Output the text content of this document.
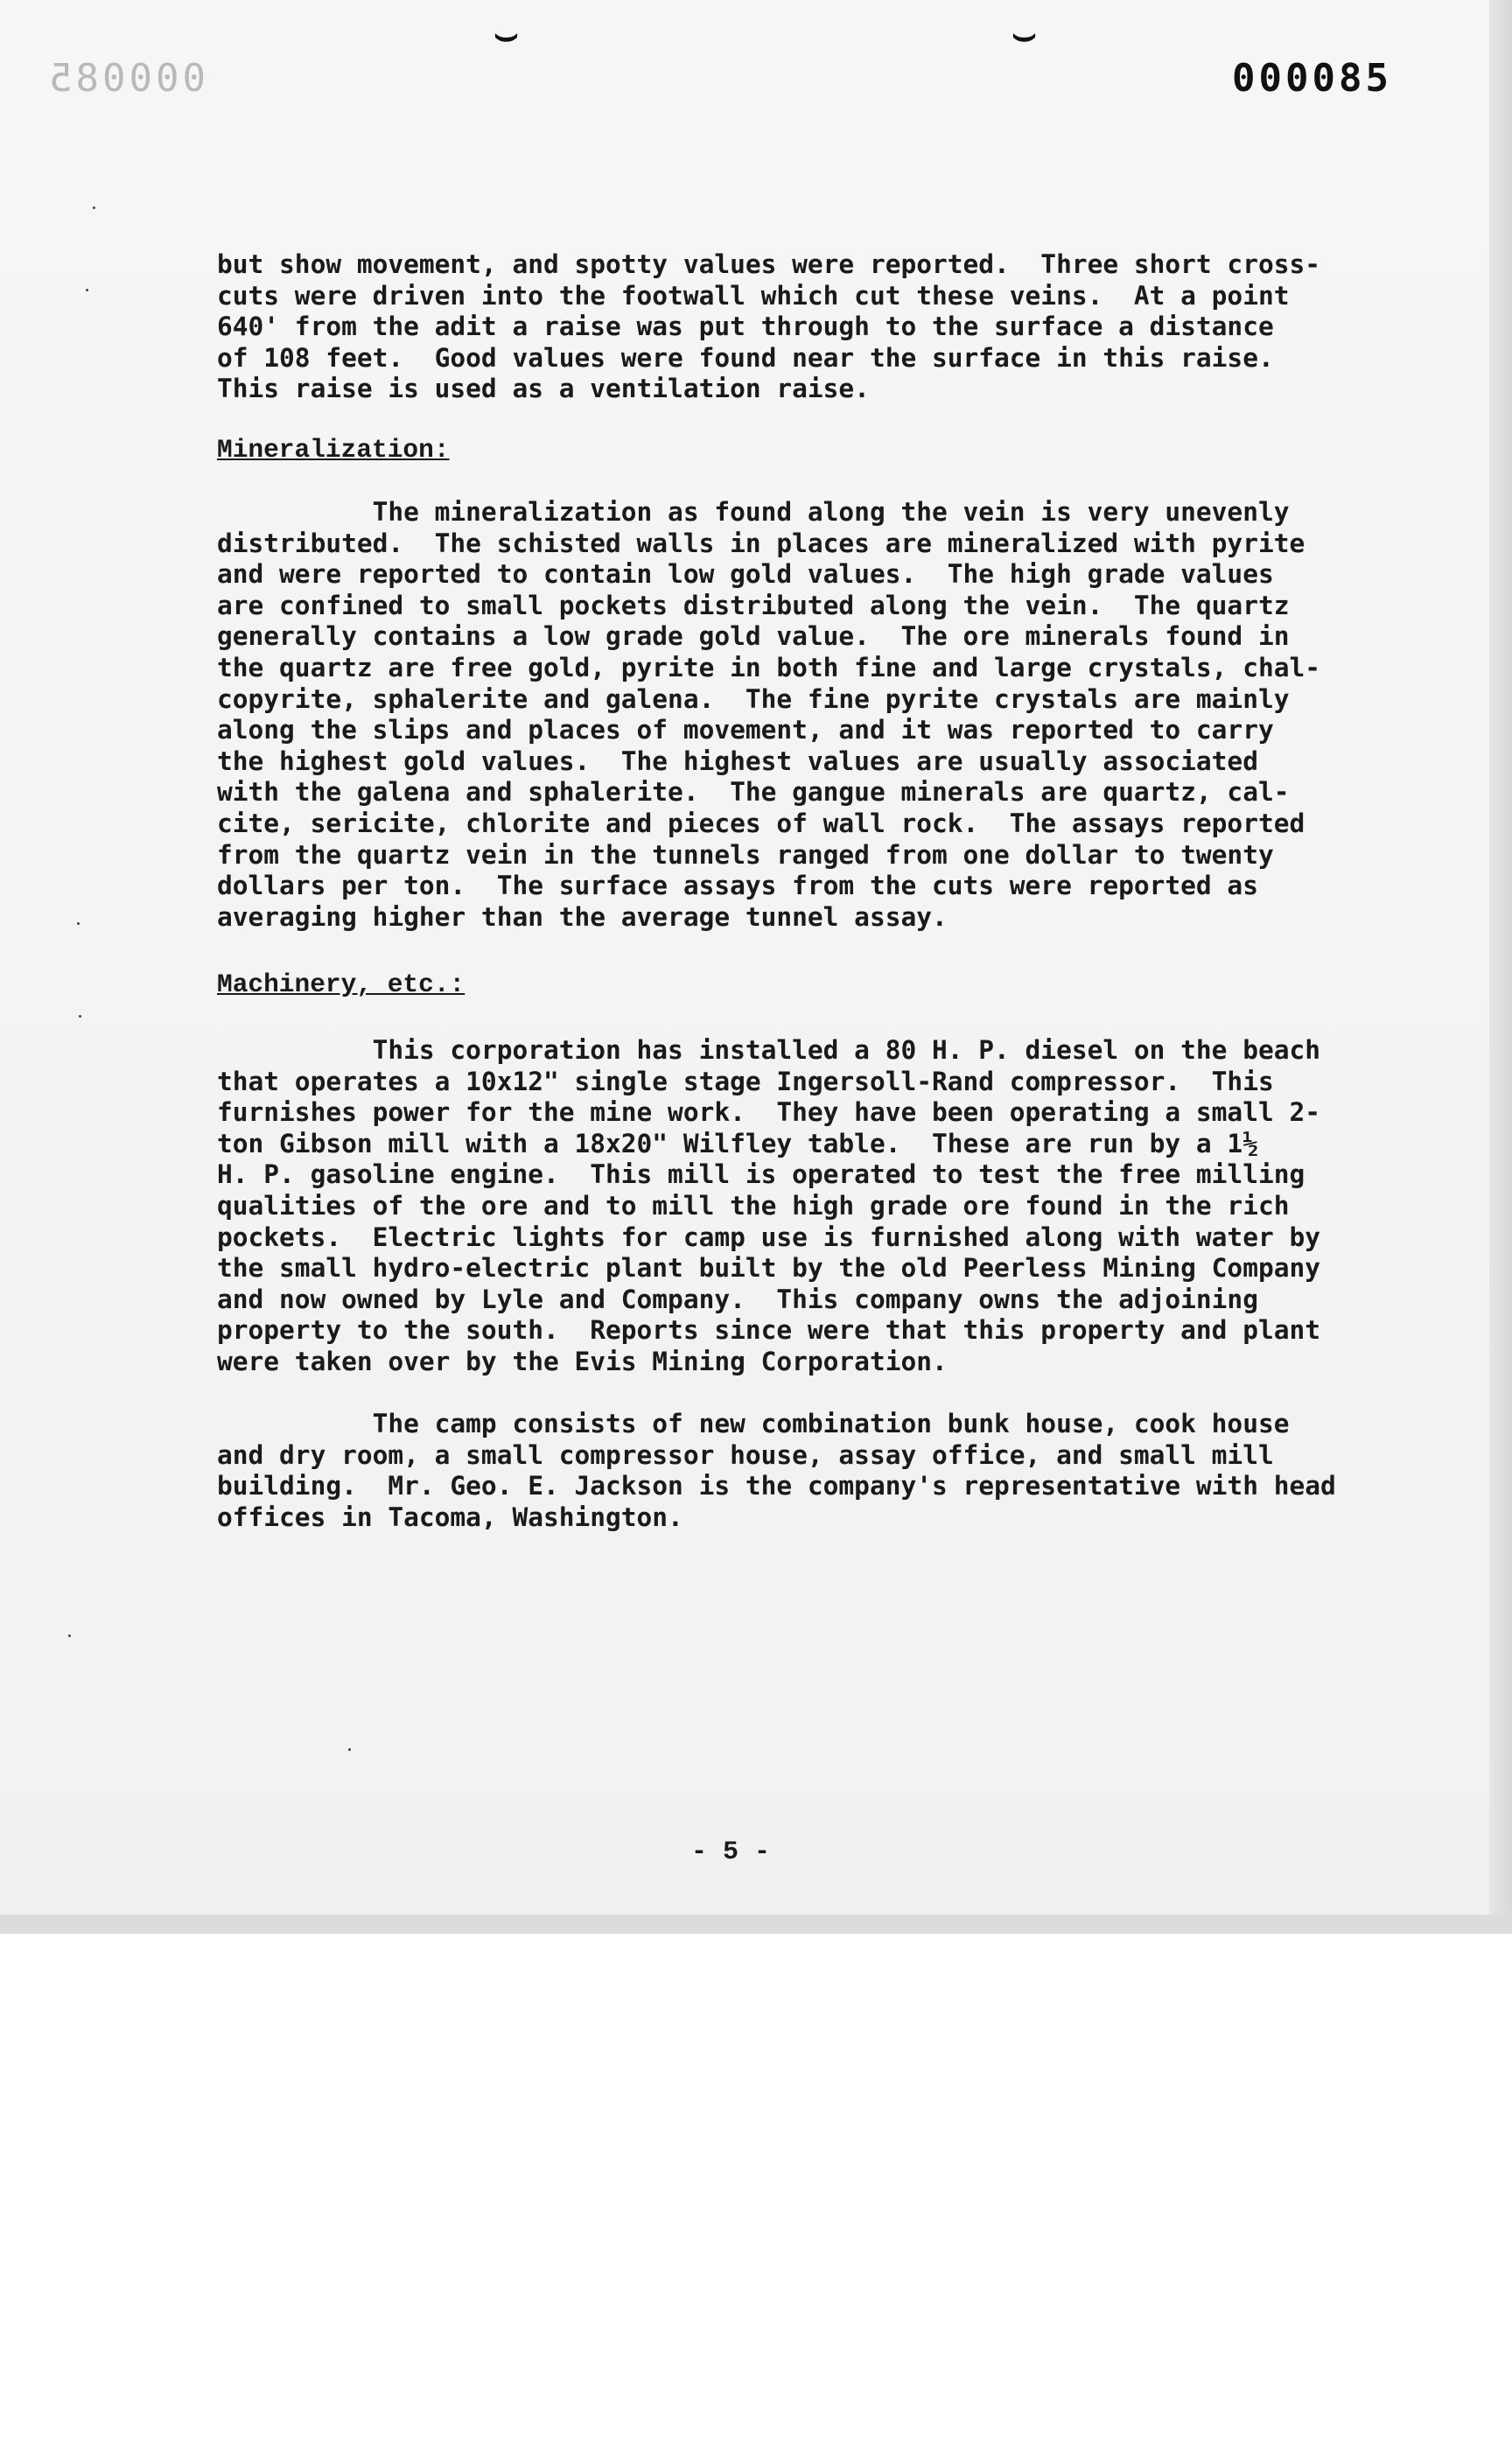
⌣	⌣
000085	000085
but show movement, and spotty values were reported.  Three short cross-
cuts were driven into the footwall which cut these veins.  At a point
640' from the adit a raise was put through to the surface a distance
of 108 feet.  Good values were found near the surface in this raise.
This raise is used as a ventilation raise.
Mineralization:
The mineralization as found along the vein is very unevenly
distributed.  The schisted walls in places are mineralized with pyrite
and were reported to contain low gold values.  The high grade values
are confined to small pockets distributed along the vein.  The quartz
generally contains a low grade gold value.  The ore minerals found in
the quartz are free gold, pyrite in both fine and large crystals, chal-
copyrite, sphalerite and galena.  The fine pyrite crystals are mainly
along the slips and places of movement, and it was reported to carry
the highest gold values.  The highest values are usually associated
with the galena and sphalerite.  The gangue minerals are quartz, cal-
cite, sericite, chlorite and pieces of wall rock.  The assays reported
from the quartz vein in the tunnels ranged from one dollar to twenty
dollars per ton.  The surface assays from the cuts were reported as
averaging higher than the average tunnel assay.
Machinery, etc.:
This corporation has installed a 80 H. P. diesel on the beach
that operates a 10x12" single stage Ingersoll-Rand compressor.  This
furnishes power for the mine work.  They have been operating a small 2-
ton Gibson mill with a 18x20" Wilfley table.  These are run by a 1½
H. P. gasoline engine.  This mill is operated to test the free milling
qualities of the ore and to mill the high grade ore found in the rich
pockets.  Electric lights for camp use is furnished along with water by
the small hydro-electric plant built by the old Peerless Mining Company
and now owned by Lyle and Company.  This company owns the adjoining
property to the south.  Reports since were that this property and plant
were taken over by the Evis Mining Corporation.
The camp consists of new combination bunk house, cook house
and dry room, a small compressor house, assay office, and small mill
building.  Mr. Geo. E. Jackson is the company's representative with head
offices in Tacoma, Washington.
- 5 -
